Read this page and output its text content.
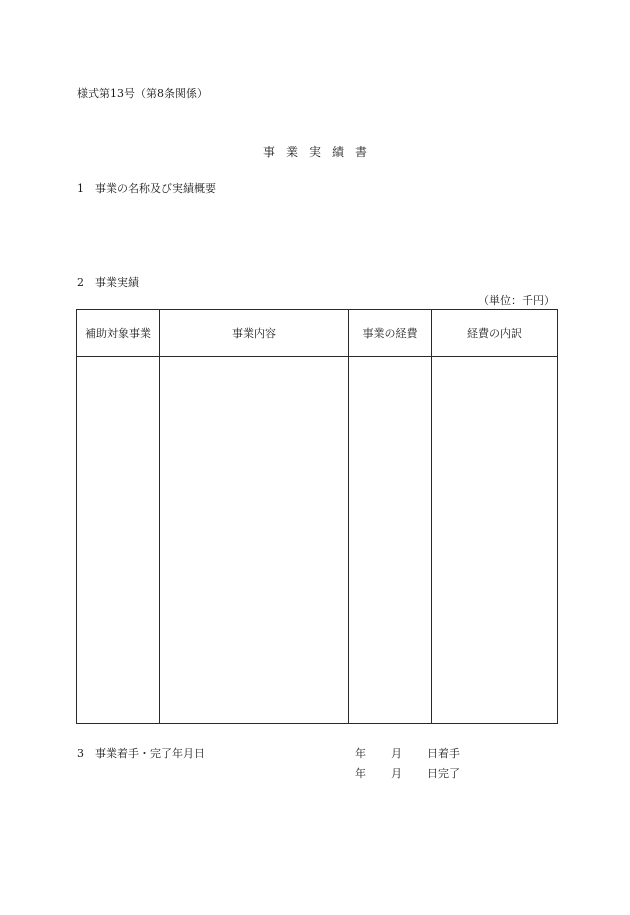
様式第13号（第8条関係）
事業実績書
1 事業の名称及び実績概要
2 事業実績
（単位：千円）
補助対象事業	事業内容	事業の経費	経費の内訳

3 事業着手・完了年月日	年 月 日着手
年 月 日完了
